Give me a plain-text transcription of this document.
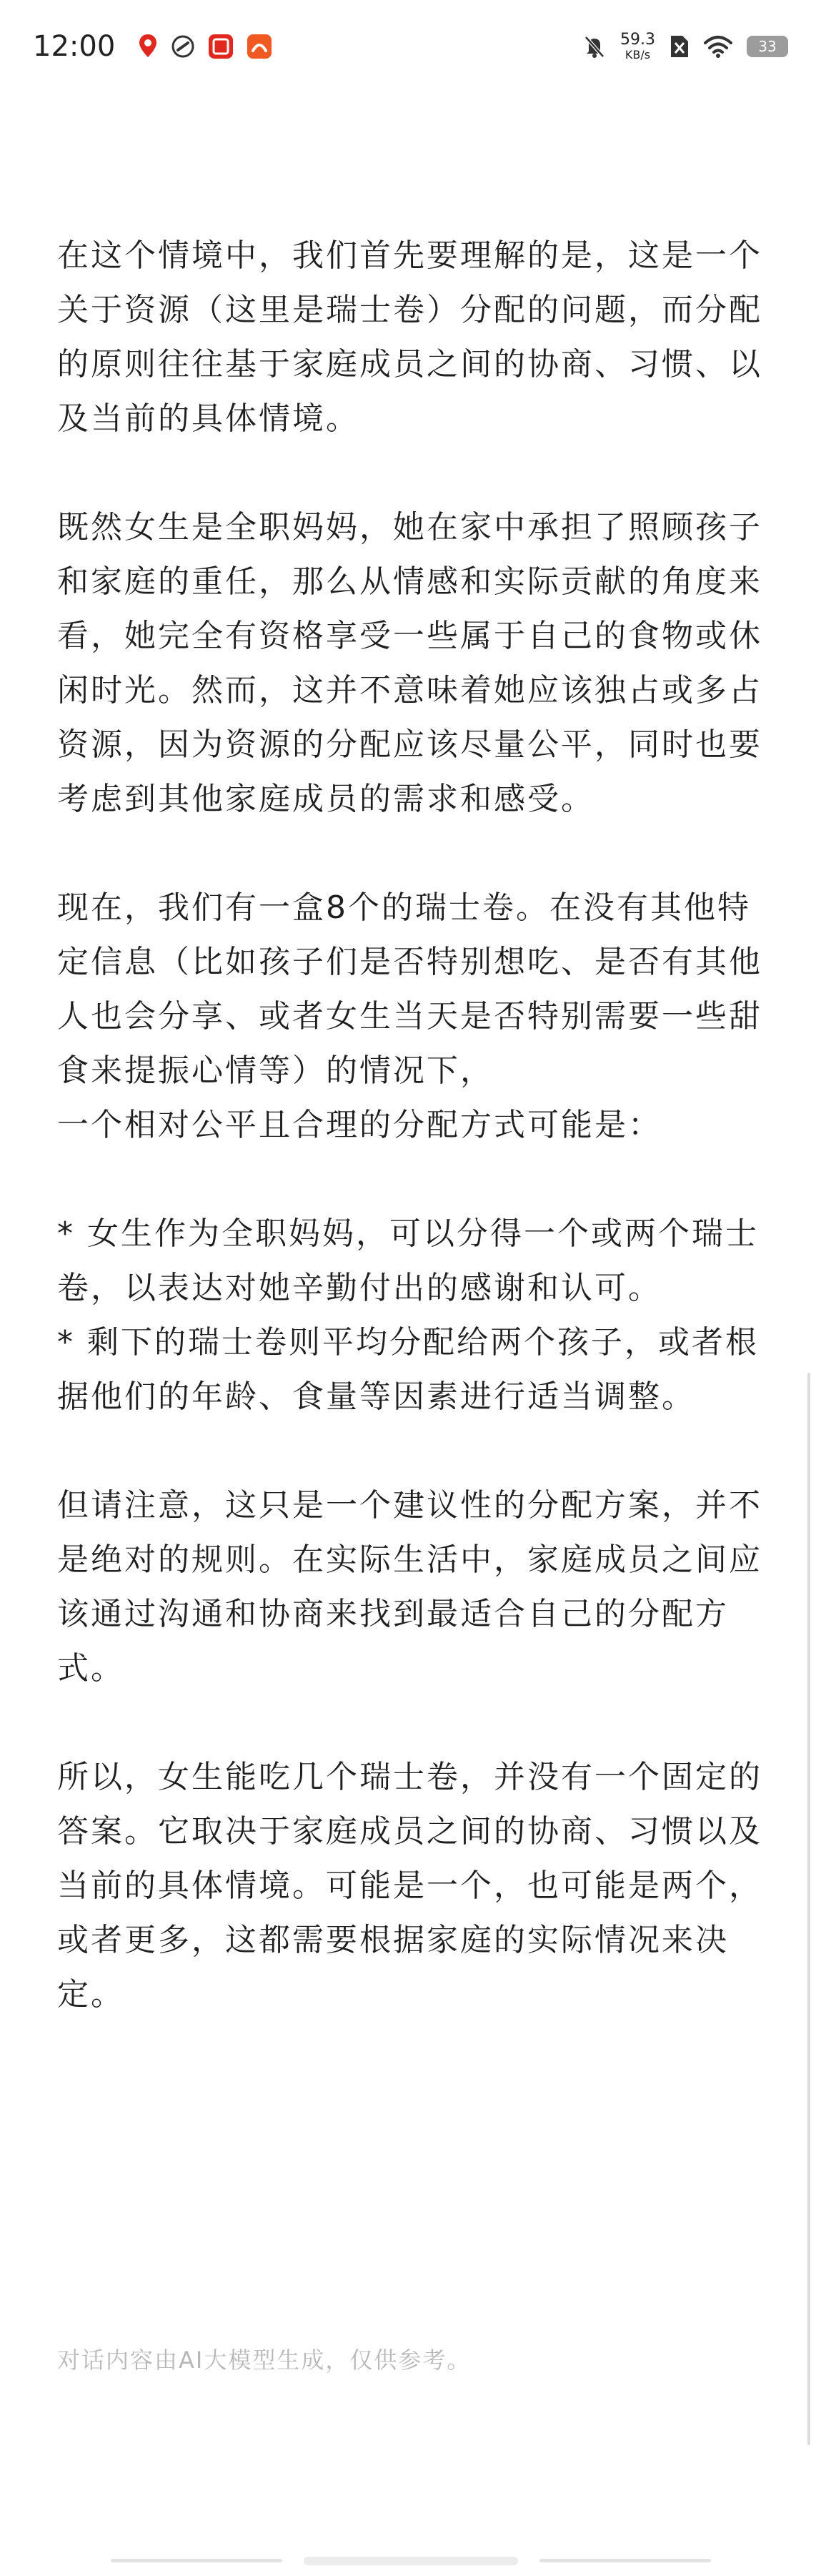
12:00	59.3
KB/s	33

在这个情境中，我们首先要理解的是，这是一个关于资源（这里是瑞士卷）分配的问题，而分配的原则往往基于家庭成员之间的协商、习惯、以及当前的具体情境。

既然女生是全职妈妈，她在家中承担了照顾孩子和家庭的重任，那么从情感和实际贡献的角度来看，她完全有资格享受一些属于自己的食物或休闲时光。然而，这并不意味着她应该独占或多占资源，因为资源的分配应该尽量公平，同时也要考虑到其他家庭成员的需求和感受。

现在，我们有一盒8个的瑞士卷。在没有其他特定信息（比如孩子们是否特别想吃、是否有其他人也会分享、或者女生当天是否特别需要一些甜食来提振心情等）的情况下，
一个相对公平且合理的分配方式可能是：

* 女生作为全职妈妈，可以分得一个或两个瑞士卷，以表达对她辛勤付出的感谢和认可。
* 剩下的瑞士卷则平均分配给两个孩子，或者根据他们的年龄、食量等因素进行适当调整。

但请注意，这只是一个建议性的分配方案，并不是绝对的规则。在实际生活中，家庭成员之间应该通过沟通和协商来找到最适合自己的分配方式。

所以，女生能吃几个瑞士卷，并没有一个固定的答案。它取决于家庭成员之间的协商、习惯以及当前的具体情境。可能是一个，也可能是两个，或者更多，这都需要根据家庭的实际情况来决定。

对话内容由AI大模型生成，仅供参考。
